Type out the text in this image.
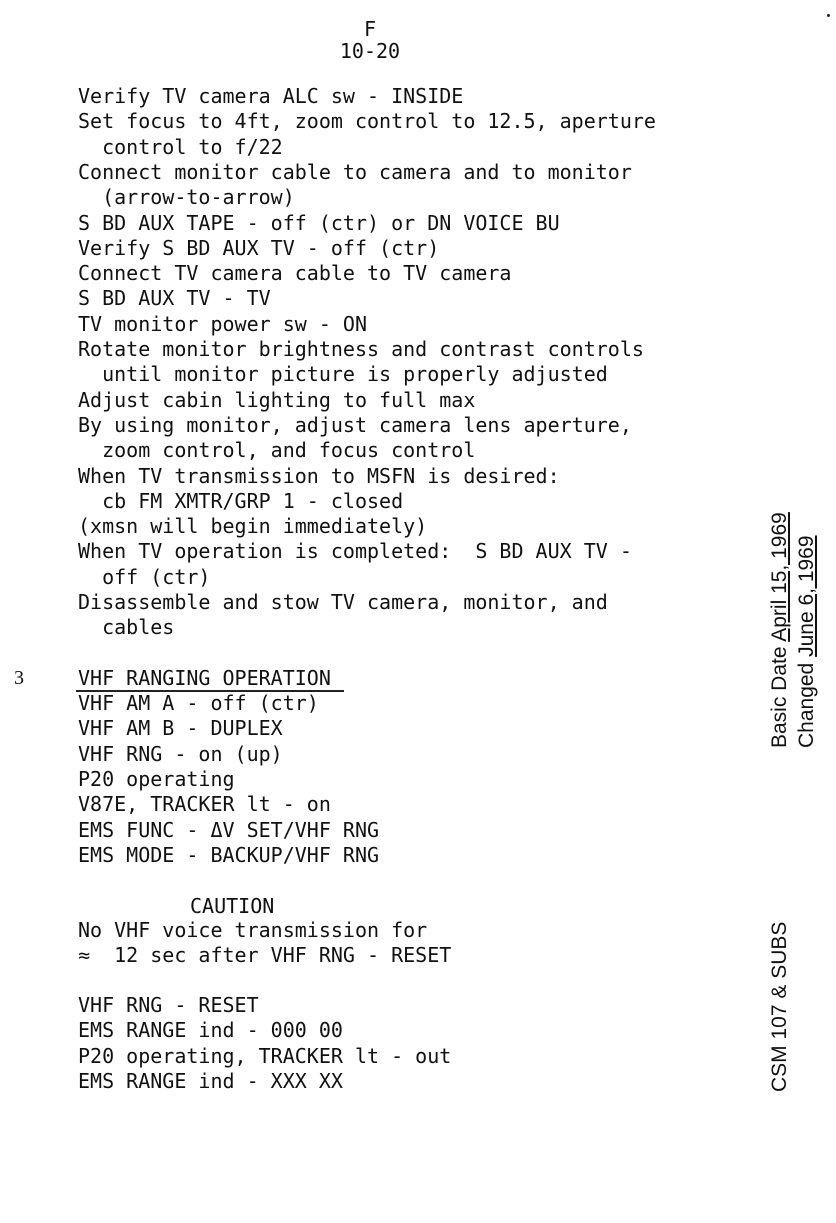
F
10-20
Verify TV camera ALC sw - INSIDE
Set focus to 4ft, zoom control to 12.5, aperture
control to f/22
Connect monitor cable to camera and to monitor
(arrow-to-arrow)
S BD AUX TAPE - off (ctr) or DN VOICE BU
Verify S BD AUX TV - off (ctr)
Connect TV camera cable to TV camera
S BD AUX TV - TV
TV monitor power sw - ON
Rotate monitor brightness and contrast controls
until monitor picture is properly adjusted
Adjust cabin lighting to full max
By using monitor, adjust camera lens aperture,
zoom control, and focus control
When TV transmission to MSFN is desired:
cb FM XMTR/GRP 1 - closed
(xmsn will begin immediately)
When TV operation is completed:  S BD AUX TV -
off (ctr)
Disassemble and stow TV camera, monitor, and
cables
3	VHF RANGING OPERATION
VHF AM A - off (ctr)
VHF AM B - DUPLEX
VHF RNG - on (up)
P20 operating
V87E, TRACKER lt - on
EMS FUNC - ΔV SET/VHF RNG
EMS MODE - BACKUP/VHF RNG
CAUTION
No VHF voice transmission for
≈  12 sec after VHF RNG - RESET
VHF RNG - RESET
EMS RANGE ind - 000 00
P20 operating, TRACKER lt - out
EMS RANGE ind - XXX XX
Basic Date April 15, 1969
Changed June 6, 1969
CSM 107 & SUBS
